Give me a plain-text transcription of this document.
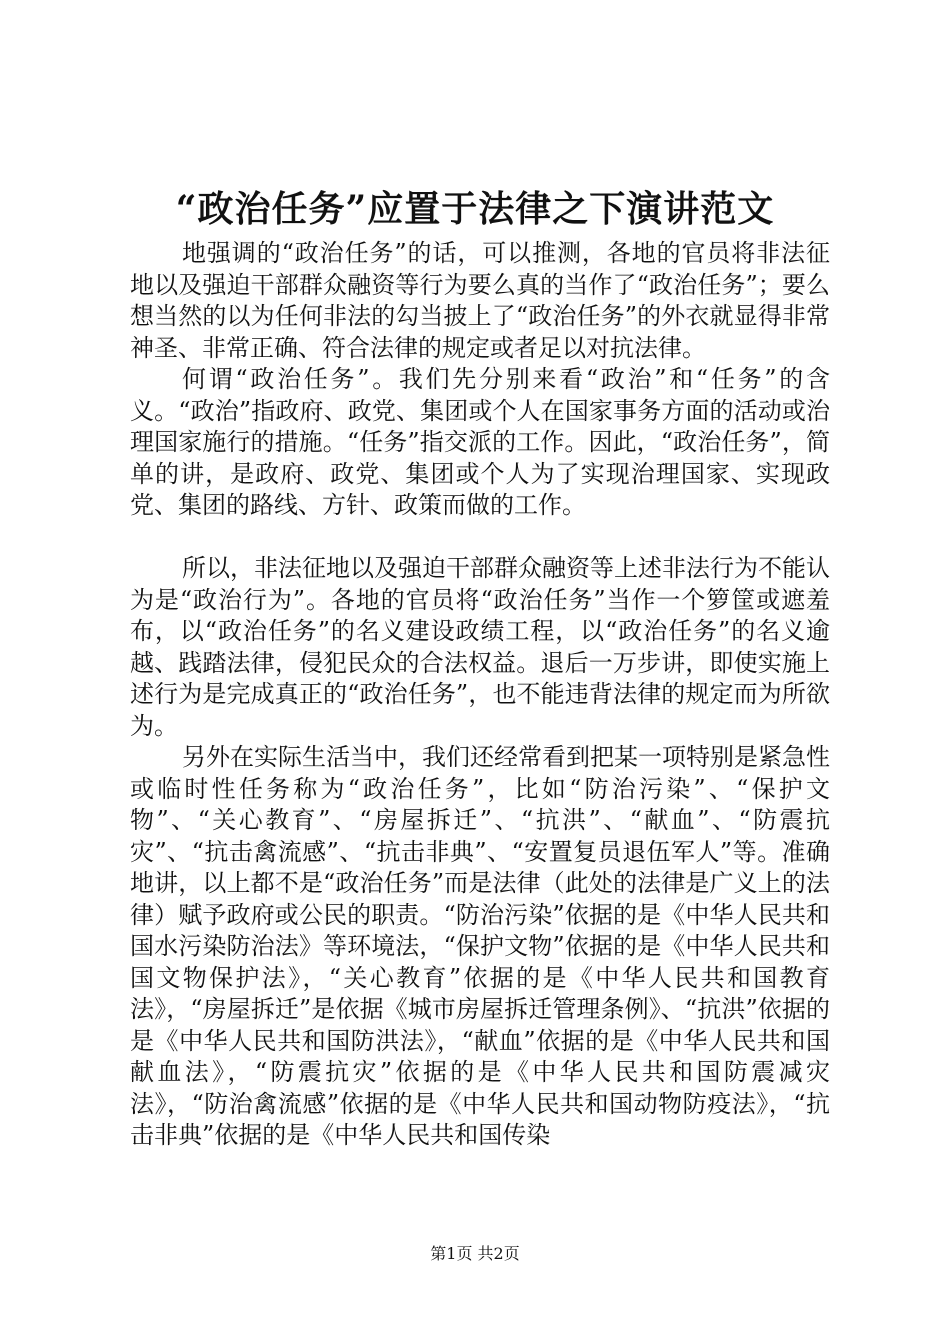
“政治任务”应置于法律之下演讲范文

地强调的“政治任务”的话，可以推测，各地的官员将非法征地以及强迫干部群众融资等行为要么真的当作了“政治任务”；要么想当然的以为任何非法的勾当披上了“政治任务”的外衣就显得非常神圣、非常正确、符合法律的规定或者足以对抗法律。

何谓“政治任务”。我们先分别来看“政治”和“任务”的含义。“政治”指政府、政党、集团或个人在国家事务方面的活动或治理国家施行的措施。“任务”指交派的工作。因此，“政治任务”，简单的讲，是政府、政党、集团或个人为了实现治理国家、实现政党、集团的路线、方针、政策而做的工作。

所以，非法征地以及强迫干部群众融资等上述非法行为不能认为是“政治行为”。各地的官员将“政治任务”当作一个箩筐或遮羞布，以“政治任务”的名义建设政绩工程，以“政治任务”的名义逾越、践踏法律，侵犯民众的合法权益。退后一万步讲，即使实施上述行为是完成真正的“政治任务”，也不能违背法律的规定而为所欲为。

另外在实际生活当中，我们还经常看到把某一项特别是紧急性或临时性任务称为“政治任务”，比如“防治污染”、“保护文物”、“关心教育”、“房屋拆迁”、“抗洪”、“献血”、“防震抗灾”、“抗击禽流感”、“抗击非典”、“安置复员退伍军人”等。准确地讲，以上都不是“政治任务”而是法律（此处的法律是广义上的法律）赋予政府或公民的职责。“防治污染”依据的是《中华人民共和国水污染防治法》等环境法，“保护文物”依据的是《中华人民共和国文物保护法》，“关心教育”依据的是《中华人民共和国教育法》，“房屋拆迁”是依据《城市房屋拆迁管理条例》、“抗洪”依据的是《中华人民共和国防洪法》，“献血”依据的是《中华人民共和国献血法》，“防震抗灾”依据的是《中华人民共和国防震减灾法》，“防治禽流感”依据的是《中华人民共和国动物防疫法》，“抗击非典”依据的是《中华人民共和国传染

第1页 共2页
